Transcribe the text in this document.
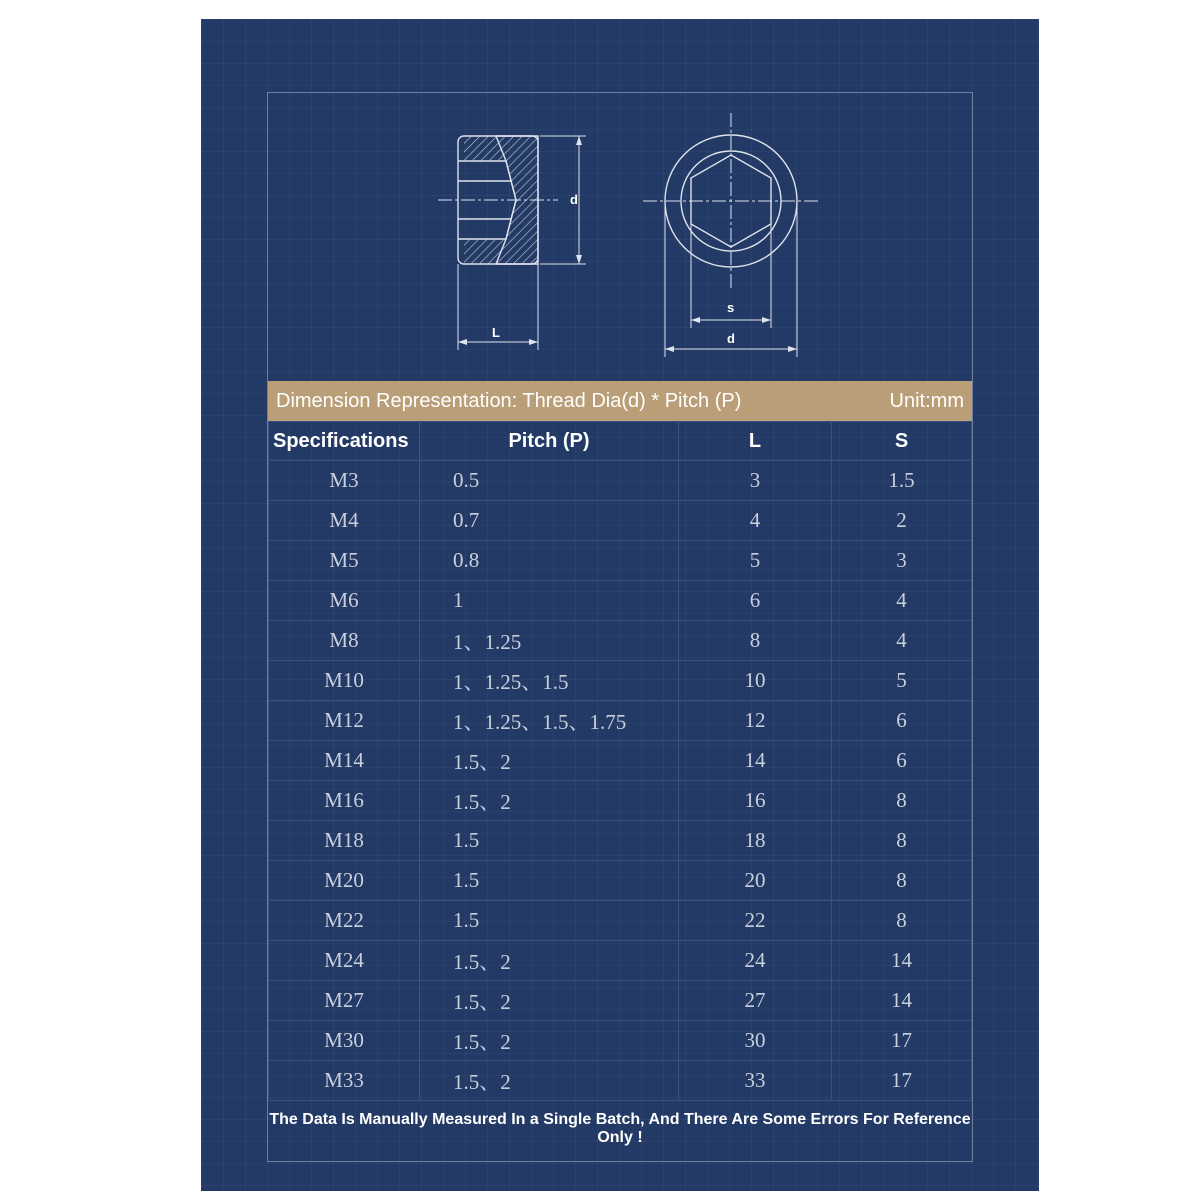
d
L
s
d
Dimension Representation: Thread Dia(d) * Pitch (P)	Unit:mm
Specifications	Pitch (P)	L	S
M3	0.5	3	1.5
M4	0.7	4	2
M5	0.8	5	3
M6	1	6	4
M8	1、1.25	8	4
M10	1、1.25、1.5	10	5
M12	1、1.25、1.5、1.75	12	6
M14	1.5、2	14	6
M16	1.5、2	16	8
M18	1.5	18	8
M20	1.5	20	8
M22	1.5	22	8
M24	1.5、2	24	14
M27	1.5、2	27	14
M30	1.5、2	30	17
M33	1.5、2	33	17
The Data Is Manually Measured In a Single Batch, And There Are Some Errors For Reference Only !
